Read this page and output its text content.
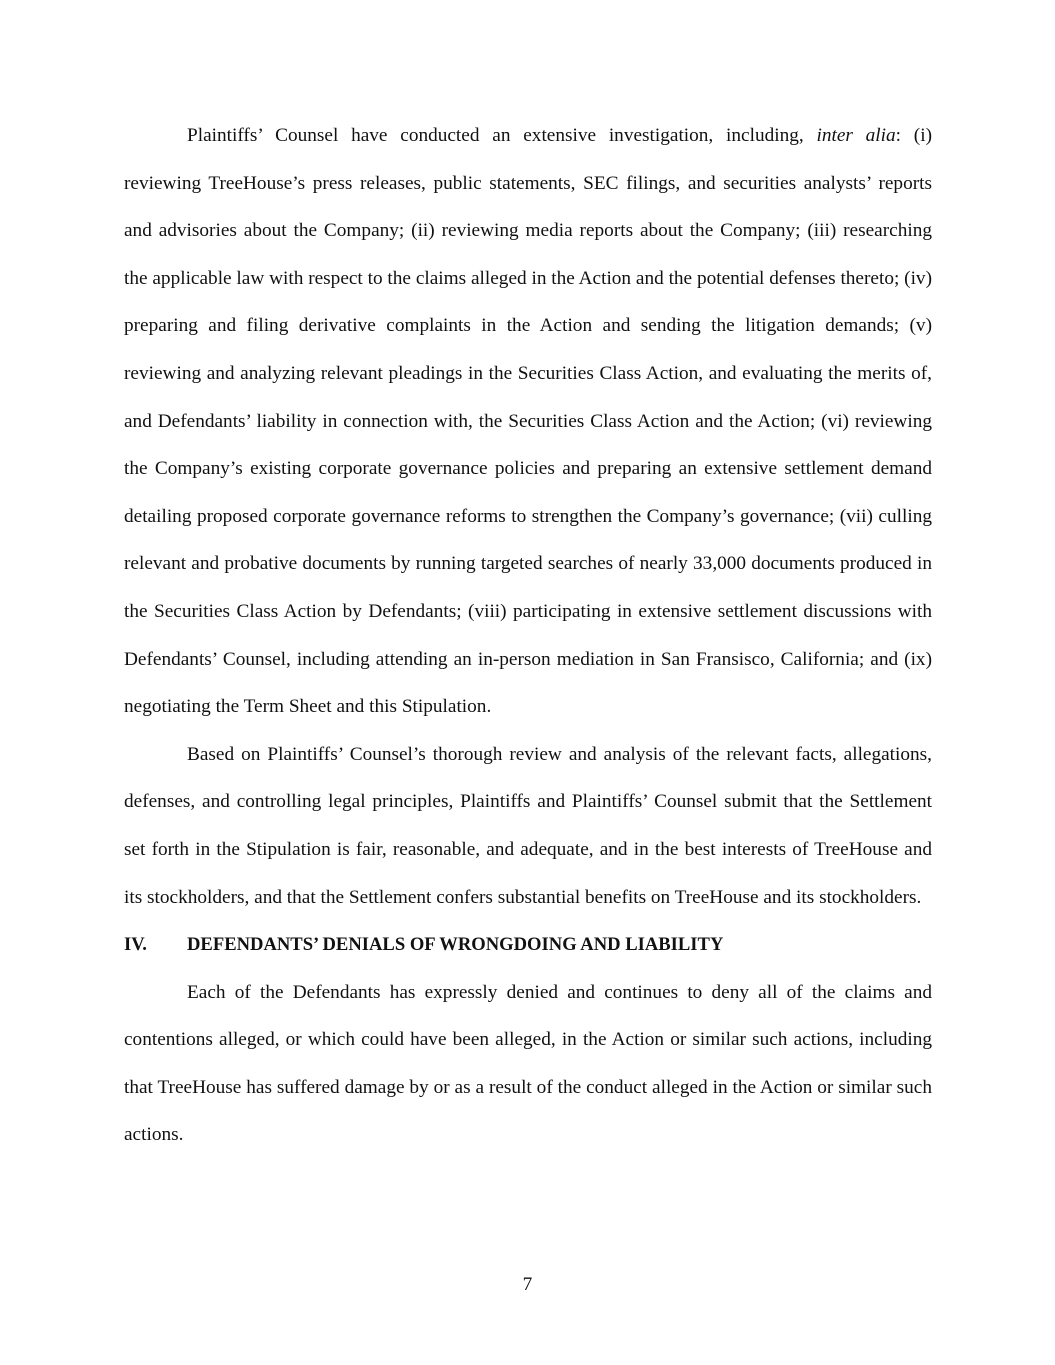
Plaintiffs’ Counsel have conducted an extensive investigation, including, inter alia: (i) reviewing TreeHouse’s press releases, public statements, SEC filings, and securities analysts’ reports and advisories about the Company; (ii) reviewing media reports about the Company; (iii) researching the applicable law with respect to the claims alleged in the Action and the potential defenses thereto; (iv) preparing and filing derivative complaints in the Action and sending the litigation demands; (v) reviewing and analyzing relevant pleadings in the Securities Class Action, and evaluating the merits of, and Defendants’ liability in connection with, the Securities Class Action and the Action; (vi) reviewing the Company’s existing corporate governance policies and preparing an extensive settlement demand detailing proposed corporate governance reforms to strengthen the Company’s governance; (vii) culling relevant and probative documents by running targeted searches of nearly 33,000 documents produced in the Securities Class Action by Defendants; (viii) participating in extensive settlement discussions with Defendants’ Counsel, including attending an in-person mediation in San Fransisco, California; and (ix) negotiating the Term Sheet and this Stipulation.

Based on Plaintiffs’ Counsel’s thorough review and analysis of the relevant facts, allegations, defenses, and controlling legal principles, Plaintiffs and Plaintiffs’ Counsel submit that the Settlement set forth in the Stipulation is fair, reasonable, and adequate, and in the best interests of TreeHouse and its stockholders, and that the Settlement confers substantial benefits on TreeHouse and its stockholders.

IV.	DEFENDANTS’ DENIALS OF WRONGDOING AND LIABILITY

Each of the Defendants has expressly denied and continues to deny all of the claims and contentions alleged, or which could have been alleged, in the Action or similar such actions, including that TreeHouse has suffered damage by or as a result of the conduct alleged in the Action or similar such actions.

7
